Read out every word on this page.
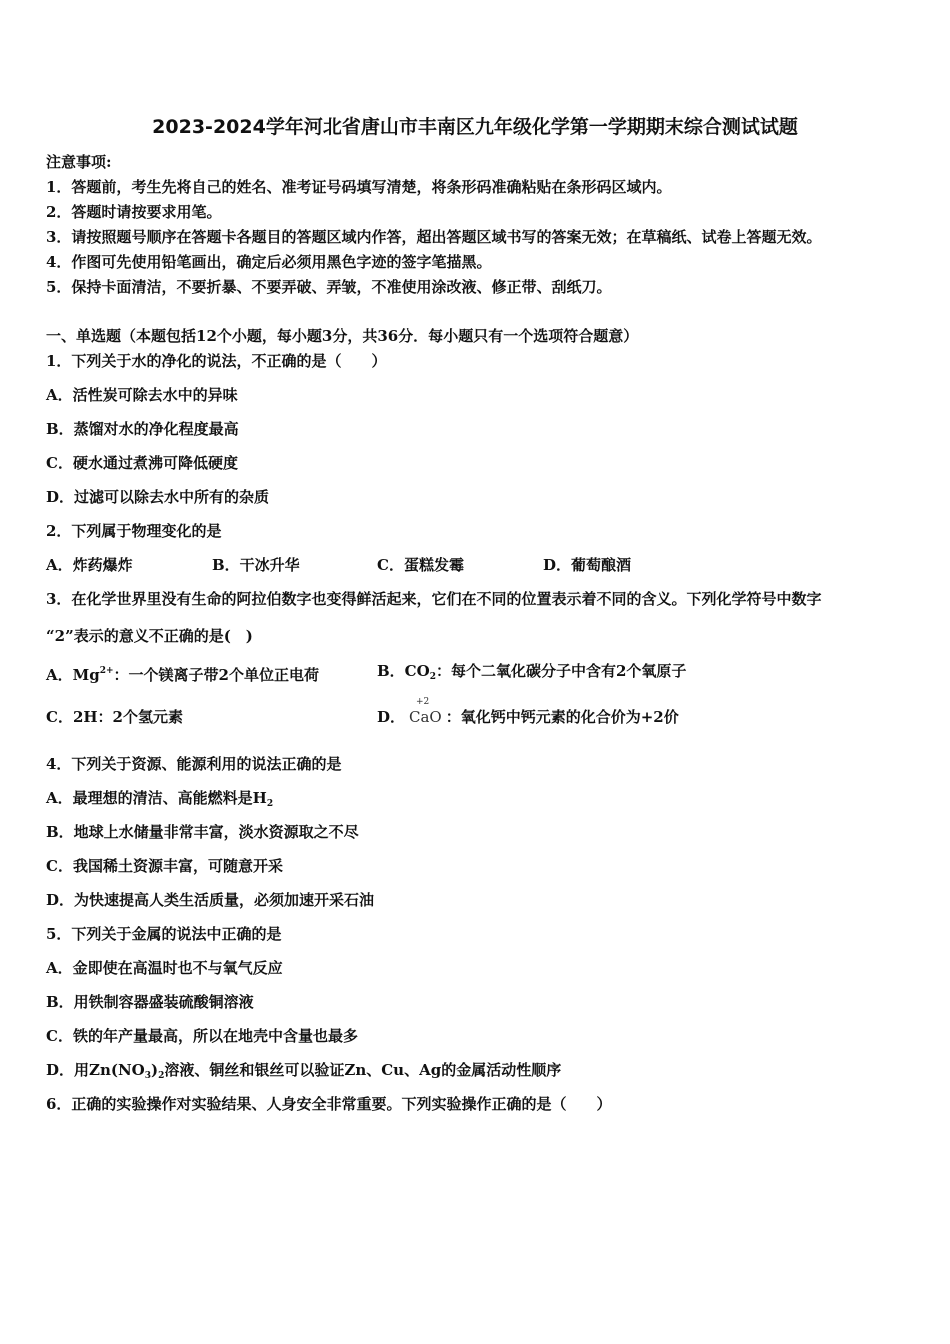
2023-2024学年河北省唐山市丰南区九年级化学第一学期期末综合测试试题
注意事项:
1．答题前，考生先将自己的姓名、准考证号码填写清楚，将条形码准确粘贴在条形码区域内。
2．答题时请按要求用笔。
3．请按照题号顺序在答题卡各题目的答题区域内作答，超出答题区域书写的答案无效；在草稿纸、试卷上答题无效。
4．作图可先使用铅笔画出，确定后必须用黑色字迹的签字笔描黑。
5．保持卡面清洁，不要折暴、不要弄破、弄皱，不准使用涂改液、修正带、刮纸刀。
一、单选题（本题包括12个小题，每小题3分，共36分．每小题只有一个选项符合题意）
1．下列关于水的净化的说法，不正确的是（　　）
A．活性炭可除去水中的异味
B．蒸馏对水的净化程度最高
C．硬水通过煮沸可降低硬度
D．过滤可以除去水中所有的杂质
2．下列属于物理变化的是
A．炸药爆炸	B．干冰升华	C．蛋糕发霉	D．葡萄酿酒
3．在化学世界里没有生命的阿拉伯数字也变得鲜活起来，它们在不同的位置表示着不同的含义。下列化学符号中数字
“2”表示的意义不正确的是(　)
A．$Mg^{2+}$：一个镁离子带2个单位正电荷	B．$CO_2$：每个二氧化碳分子中含有2个氧原子
C．2H：2个氢元素	D．
+2
CaO ：氧化钙中钙元素的化合价为+2价
4．下列关于资源、能源利用的说法正确的是
A．最理想的清洁、高能燃料是$H_2$
B．地球上水储量非常丰富，淡水资源取之不尽
C．我国稀土资源丰富，可随意开采
D．为快速提高人类生活质量，必须加速开采石油
5．下列关于金属的说法中正确的是
A．金即使在高温时也不与氧气反应
B．用铁制容器盛装硫酸铜溶液
C．铁的年产量最高，所以在地壳中含量也最多
D．用$Zn(NO_3)_2$溶液、铜丝和银丝可以验证Zn、Cu、Ag的金属活动性顺序
6．正确的实验操作对实验结果、人身安全非常重要。下列实验操作正确的是（　　）
